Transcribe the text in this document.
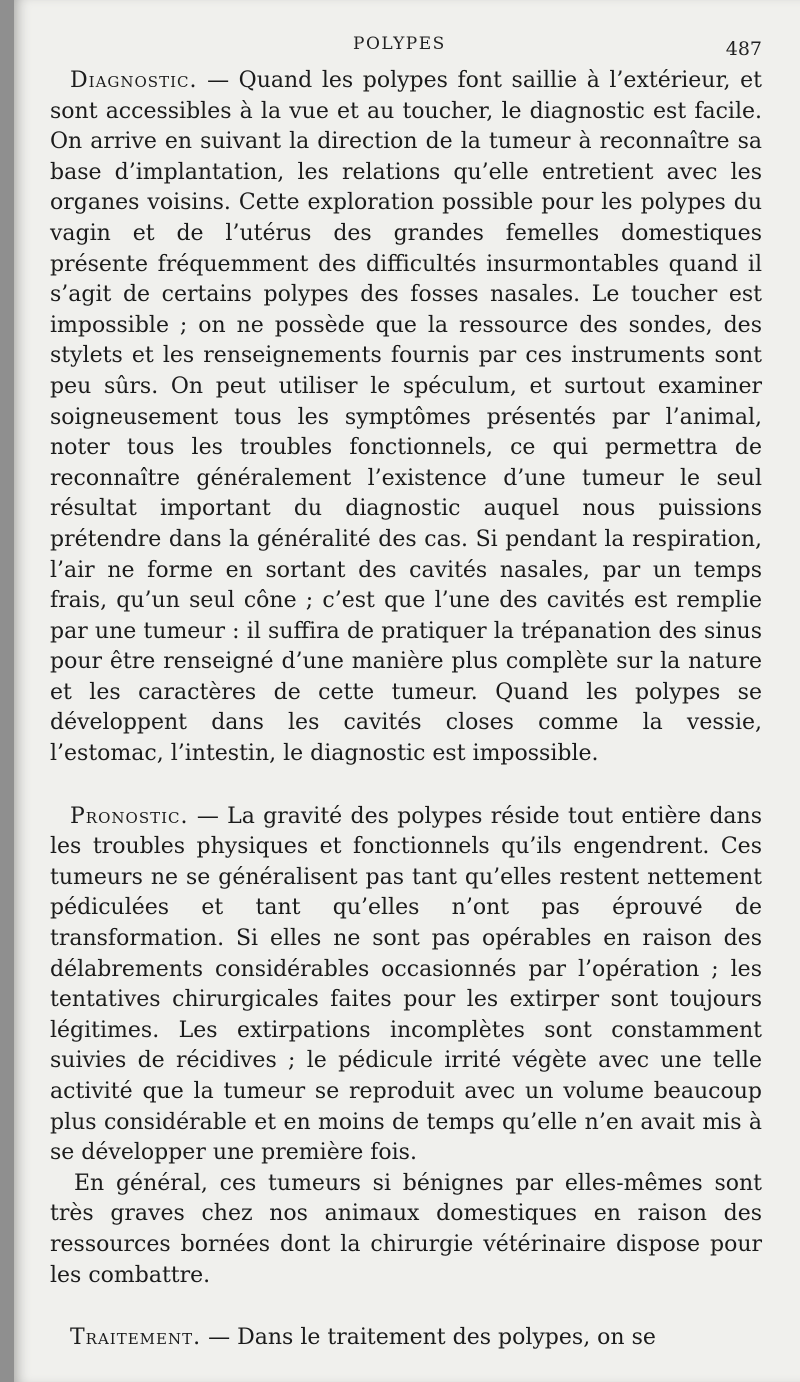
POLYPES	487

Diagnostic. — Quand les polypes font saillie à l’extérieur, et sont accessibles à la vue et au toucher, le diagnostic est facile. On arrive en suivant la direction de la tumeur à reconnaître sa base d’implantation, les relations qu’elle entretient avec les organes voisins. Cette exploration possible pour les polypes du vagin et de l’utérus des grandes femelles domestiques présente fréquemment des difficultés insurmontables quand il s’agit de certains polypes des fosses nasales. Le toucher est impossible ; on ne possède que la ressource des sondes, des stylets et les renseignements fournis par ces instruments sont peu sûrs. On peut utiliser le spéculum, et surtout examiner soigneusement tous les symptômes présentés par l’animal, noter tous les troubles fonctionnels, ce qui permettra de reconnaître généralement l’existence d’une tumeur le seul résultat important du diagnostic auquel nous puissions prétendre dans la généralité des cas. Si pendant la respiration, l’air ne forme en sortant des cavités nasales, par un temps frais, qu’un seul cône ; c’est que l’une des cavités est remplie par une tumeur : il suffira de pratiquer la trépanation des sinus pour être renseigné d’une manière plus complète sur la nature et les caractères de cette tumeur. Quand les polypes se développent dans les cavités closes comme la vessie, l’estomac, l’intestin, le diagnostic est impossible.

Pronostic. — La gravité des polypes réside tout entière dans les troubles physiques et fonctionnels qu’ils engendrent. Ces tumeurs ne se généralisent pas tant qu’elles restent nettement pédiculées et tant qu’elles n’ont pas éprouvé de transformation. Si elles ne sont pas opérables en raison des délabrements considérables occasionnés par l’opération ; les tentatives chirurgicales faites pour les extirper sont toujours légitimes. Les extirpations incomplètes sont constamment suivies de récidives ; le pédicule irrité végète avec une telle activité que la tumeur se reproduit avec un volume beaucoup plus considérable et en moins de temps qu’elle n’en avait mis à se développer une première fois.

En général, ces tumeurs si bénignes par elles-mêmes sont très graves chez nos animaux domestiques en raison des ressources bornées dont la chirurgie vétérinaire dispose pour les combattre.

Traitement. — Dans le traitement des polypes, on se
